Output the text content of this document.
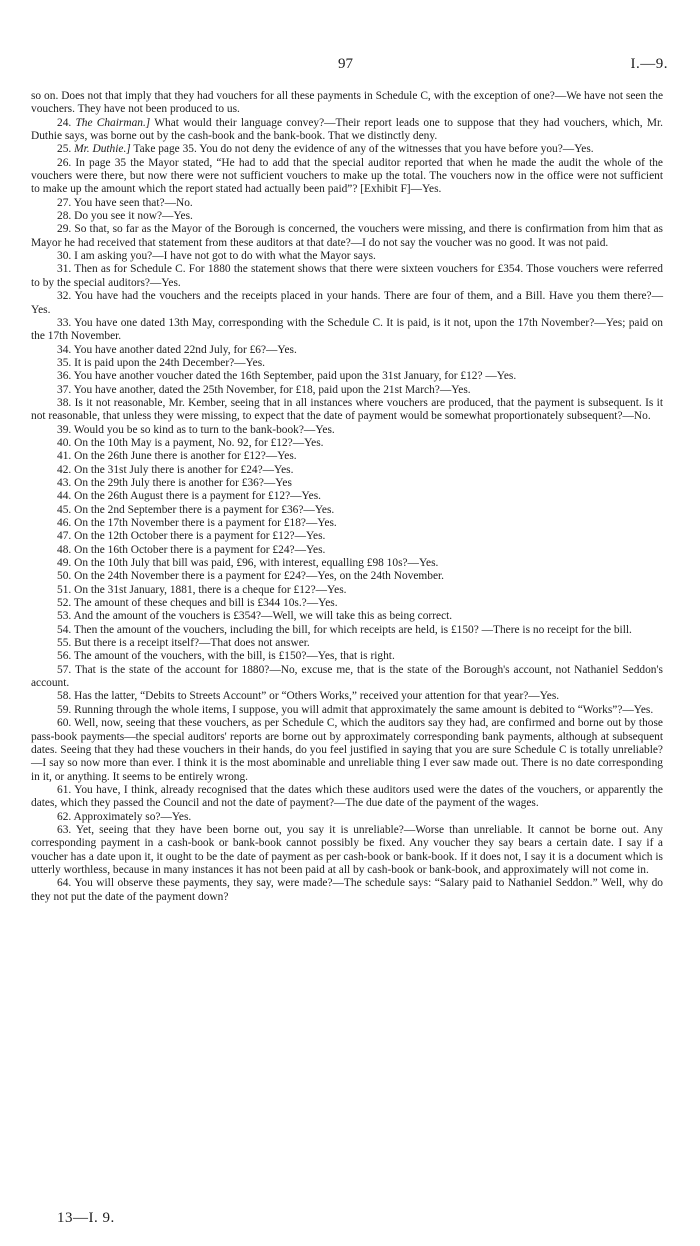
97	I.—9.

so on. Does not that imply that they had vouchers for all these payments in Schedule C, with the exception of one?—We have not seen the vouchers. They have not been produced to us.

24. The Chairman.] What would their language convey?—Their report leads one to suppose that they had vouchers, which, Mr. Duthie says, was borne out by the cash-book and the bank-book. That we distinctly deny.

25. Mr. Duthie.] Take page 35. You do not deny the evidence of any of the witnesses that you have before you?—Yes.

26. In page 35 the Mayor stated, “He had to add that the special auditor reported that when he made the audit the whole of the vouchers were there, but now there were not sufficient vouchers to make up the total. The vouchers now in the office were not sufficient to make up the amount which the report stated had actually been paid”? [Exhibit F]—Yes.

27. You have seen that?—No.

28. Do you see it now?—Yes.

29. So that, so far as the Mayor of the Borough is concerned, the vouchers were missing, and there is confirmation from him that as Mayor he had received that statement from these auditors at that date?—I do not say the voucher was no good. It was not paid.

30. I am asking you?—I have not got to do with what the Mayor says.

31. Then as for Schedule C. For 1880 the statement shows that there were sixteen vouchers for £354. Those vouchers were referred to by the special auditors?—Yes.

32. You have had the vouchers and the receipts placed in your hands. There are four of them, and a Bill. Have you them there?—Yes.

33. You have one dated 13th May, corresponding with the Schedule C. It is paid, is it not, upon the 17th November?—Yes; paid on the 17th November.

34. You have another dated 22nd July, for £6?—Yes.

35. It is paid upon the 24th December?—Yes.

36. You have another voucher dated the 16th September, paid upon the 31st January, for £12? —Yes.

37. You have another, dated the 25th November, for £18, paid upon the 21st March?—Yes.

38. Is it not reasonable, Mr. Kember, seeing that in all instances where vouchers are produced, that the payment is subsequent. Is it not reasonable, that unless they were missing, to expect that the date of payment would be somewhat proportionately subsequent?—No.

39. Would you be so kind as to turn to the bank-book?—Yes.

40. On the 10th May is a payment, No. 92, for £12?—Yes.

41. On the 26th June there is another for £12?—Yes.

42. On the 31st July there is another for £24?—Yes.

43. On the 29th July there is another for £36?—Yes

44. On the 26th August there is a payment for £12?—Yes.

45. On the 2nd September there is a payment for £36?—Yes.

46. On the 17th November there is a payment for £18?—Yes.

47. On the 12th October there is a payment for £12?—Yes.

48. On the 16th October there is a payment for £24?—Yes.

49. On the 10th July that bill was paid, £96, with interest, equalling £98 10s?—Yes.

50. On the 24th November there is a payment for £24?—Yes, on the 24th November.

51. On the 31st January, 1881, there is a cheque for £12?—Yes.

52. The amount of these cheques and bill is £344 10s.?—Yes.

53. And the amount of the vouchers is £354?—Well, we will take this as being correct.

54. Then the amount of the vouchers, including the bill, for which receipts are held, is £150? —There is no receipt for the bill.

55. But there is a receipt itself?—That does not answer.

56. The amount of the vouchers, with the bill, is £150?—Yes, that is right.

57. That is the state of the account for 1880?—No, excuse me, that is the state of the Borough's account, not Nathaniel Seddon's account.

58. Has the latter, “Debits to Streets Account” or “Others Works,” received your attention for that year?—Yes.

59. Running through the whole items, I suppose, you will admit that approximately the same amount is debited to “Works”?—Yes.

60. Well, now, seeing that these vouchers, as per Schedule C, which the auditors say they had, are confirmed and borne out by those pass-book payments—the special auditors' reports are borne out by approximately corresponding bank payments, although at subsequent dates. Seeing that they had these vouchers in their hands, do you feel justified in saying that you are sure Schedule C is totally unreliable?—I say so now more than ever. I think it is the most abominable and unreliable thing I ever saw made out. There is no date corresponding in it, or anything. It seems to be entirely wrong.

61. You have, I think, already recognised that the dates which these auditors used were the dates of the vouchers, or apparently the dates, which they passed the Council and not the date of payment?—The due date of the payment of the wages.

62. Approximately so?—Yes.

63. Yet, seeing that they have been borne out, you say it is unreliable?—Worse than unreliable. It cannot be borne out. Any corresponding payment in a cash-book or bank-book cannot possibly be fixed. Any voucher they say bears a certain date. I say if a voucher has a date upon it, it ought to be the date of payment as per cash-book or bank-book. If it does not, I say it is a document which is utterly worthless, because in many instances it has not been paid at all by cash-book or bank-book, and approximately will not come in.

64. You will observe these payments, they say, were made?—The schedule says: “Salary paid to Nathaniel Seddon.” Well, why do they not put the date of the payment down?

13—I. 9.
